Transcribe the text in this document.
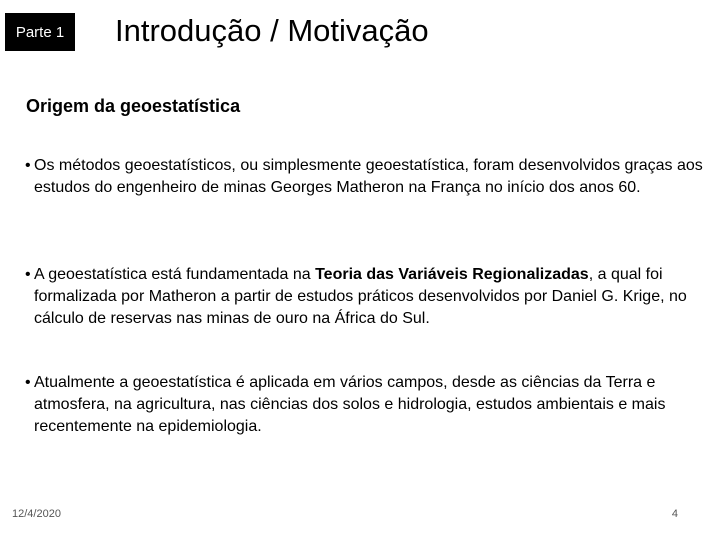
Parte 1 Introdução / Motivação
Origem da geoestatística
• Os métodos geoestatísticos, ou simplesmente geoestatística, foram desenvolvidos graças aos estudos do engenheiro de minas Georges Matheron na França no início dos anos 60.

• A geoestatística está fundamentada na Teoria das Variáveis Regionalizadas, a qual foi formalizada por Matheron a partir de estudos práticos desenvolvidos por Daniel G. Krige, no cálculo de reservas nas minas de ouro na África do Sul.

• Atualmente a geoestatística é aplicada em vários campos, desde as ciências da Terra e atmosfera, na agricultura, nas ciências dos solos e hidrologia, estudos ambientais e mais recentemente na epidemiologia.

12/4/2020	4
